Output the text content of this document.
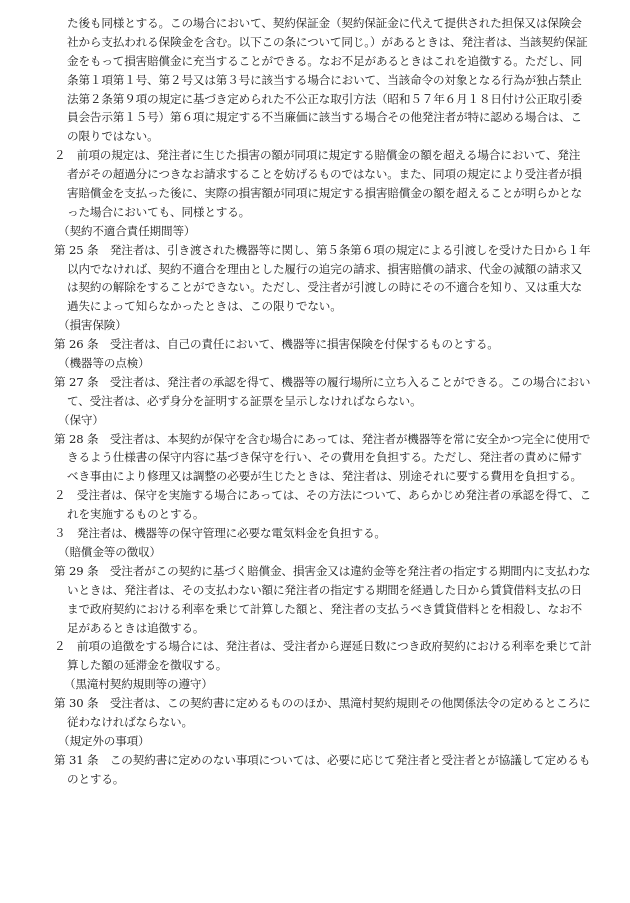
た後も同様とする。この場合において、契約保証金（契約保証金に代えて提供された担保又は保険会
社から支払われる保険金を含む。以下この条について同じ。）があるときは、発注者は、当該契約保証
金をもって損害賠償金に充当することができる。なお不足があるときはこれを追徴する。ただし、同
条第１項第１号、第２号又は第３号に該当する場合において、当該命令の対象となる行為が独占禁止
法第２条第９項の規定に基づき定められた不公正な取引方法（昭和５７年６月１８日付け公正取引委
員会告示第１５号）第６項に規定する不当廉価に該当する場合その他発注者が特に認める場合は、こ
の限りではない。
２　前項の規定は、発注者に生じた損害の額が同項に規定する賠償金の額を超える場合において、発注
者がその超過分につきなお請求することを妨げるものではない。また、同項の規定により受注者が損
害賠償金を支払った後に、実際の損害額が同項に規定する損害賠償金の額を超えることが明らかとな
った場合においても、同様とする。
（契約不適合責任期間等）
第 25 条　発注者は、引き渡された機器等に関し、第５条第６項の規定による引渡しを受けた日から１年
以内でなければ、契約不適合を理由とした履行の追完の請求、損害賠償の請求、代金の減額の請求又
は契約の解除をすることができない。ただし、受注者が引渡しの時にその不適合を知り、又は重大な
過失によって知らなかったときは、この限りでない。
（損害保険）
第 26 条　受注者は、自己の責任において、機器等に損害保険を付保するものとする。
（機器等の点検）
第 27 条　受注者は、発注者の承認を得て、機器等の履行場所に立ち入ることができる。この場合におい
て、受注者は、必ず身分を証明する証票を呈示しなければならない。
（保守）
第 28 条　受注者は、本契約が保守を含む場合にあっては、発注者が機器等を常に安全かつ完全に使用で
きるよう仕様書の保守内容に基づき保守を行い、その費用を負担する。ただし、発注者の責めに帰す
べき事由により修理又は調整の必要が生じたときは、発注者は、別途それに要する費用を負担する。
２　受注者は、保守を実施する場合にあっては、その方法について、あらかじめ発注者の承認を得て、こ
れを実施するものとする。
３　発注者は、機器等の保守管理に必要な電気料金を負担する。
（賠償金等の徴収）
第 29 条　受注者がこの契約に基づく賠償金、損害金又は違約金等を発注者の指定する期間内に支払わな
いときは、発注者は、その支払わない額に発注者の指定する期間を経過した日から賃貸借料支払の日
まで政府契約における利率を乗じて計算した額と、発注者の支払うべき賃貸借料とを相殺し、なお不
足があるときは追徴する。
２　前項の追徴をする場合には、発注者は、受注者から遅延日数につき政府契約における利率を乗じて計
算した額の延滞金を徴収する。
（黒滝村契約規則等の遵守）
第 30 条　受注者は、この契約書に定めるもののほか、黒滝村契約規則その他関係法令の定めるところに
従わなければならない。
（規定外の事項）
第 31 条　この契約書に定めのない事項については、必要に応じて発注者と受注者とが協議して定めるも
のとする。
